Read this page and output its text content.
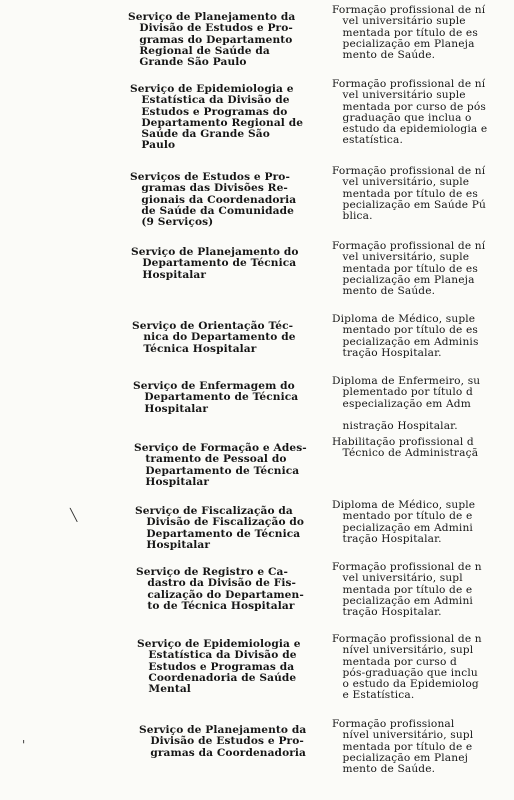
Serviço de Planejamento da
Divisão de Estudos e Pro-
gramas do Departamento
Regional de Saúde da
Grande São Paulo
Formação profissional de ní
vel universitário suple
mentada por título de es
pecialização em Planeja
mento de Saúde.
Serviço de Epidemiologia e
Estatística da Divisão de
Estudos e Programas do
Departamento Regional de
Saúde da Grande São
Paulo
Formação profissional de ní
vel universitário suple
mentada por curso de pós
graduação que inclua o
estudo da epidemiologia e
estatística.
Serviços de Estudos e Pro-
gramas das Divisões Re-
gionais da Coordenadoria
de Saúde da Comunidade
(9 Serviços)
Formação profissional de ní
vel universitário, suple
mentada por título de es
pecialização em Saúde Pú
blica.
Serviço de Planejamento do
Departamento de Técnica
Hospitalar
Formação profissional de ní
vel universitário, suple
mentada por título de es
pecialização em Planeja
mento de Saúde.
Serviço de Orientação Téc-
nica do Departamento de
Técnica Hospitalar
Diploma de Médico, suple
mentado por título de es
pecialização em Adminis
tração Hospitalar.
Serviço de Enfermagem do
Departamento de Técnica
Hospitalar
Diploma de Enfermeiro, su
plementado por título d
especialização em Adm

nistração Hospitalar.
Serviço de Formação e Ades-
tramento de Pessoal do
Departamento de Técnica
Hospitalar
Habilitação profissional d
Técnico de Administraçã
Serviço de Fiscalização da
Divisão de Fiscalização do
Departamento de Técnica
Hospitalar
Diploma de Médico, suple
mentado por título de e
pecialização em Admini
tração Hospitalar.
Serviço de Registro e Ca-
dastro da Divisão de Fis-
calização do Departamen-
to de Técnica Hospitalar
Formação profissional de n
vel universitário, supl
mentada por título de e
pecialização em Admini
tração Hospitalar.
Serviço de Epidemiologia e
Estatística da Divisão de
Estudos e Programas da
Coordenadoria de Saúde
Mental
Formação profissional de n
nível universitário, supl
mentada por curso d
pós-graduação que inclu
o estudo da Epidemiolog
e Estatística.
Serviço de Planejamento da
Divisão de Estudos e Pro-
gramas da Coordenadoria
Formação profissional
nível universitário, supl
mentada por título de e
pecialização em Planej
mento de Saúde.
╲
'
